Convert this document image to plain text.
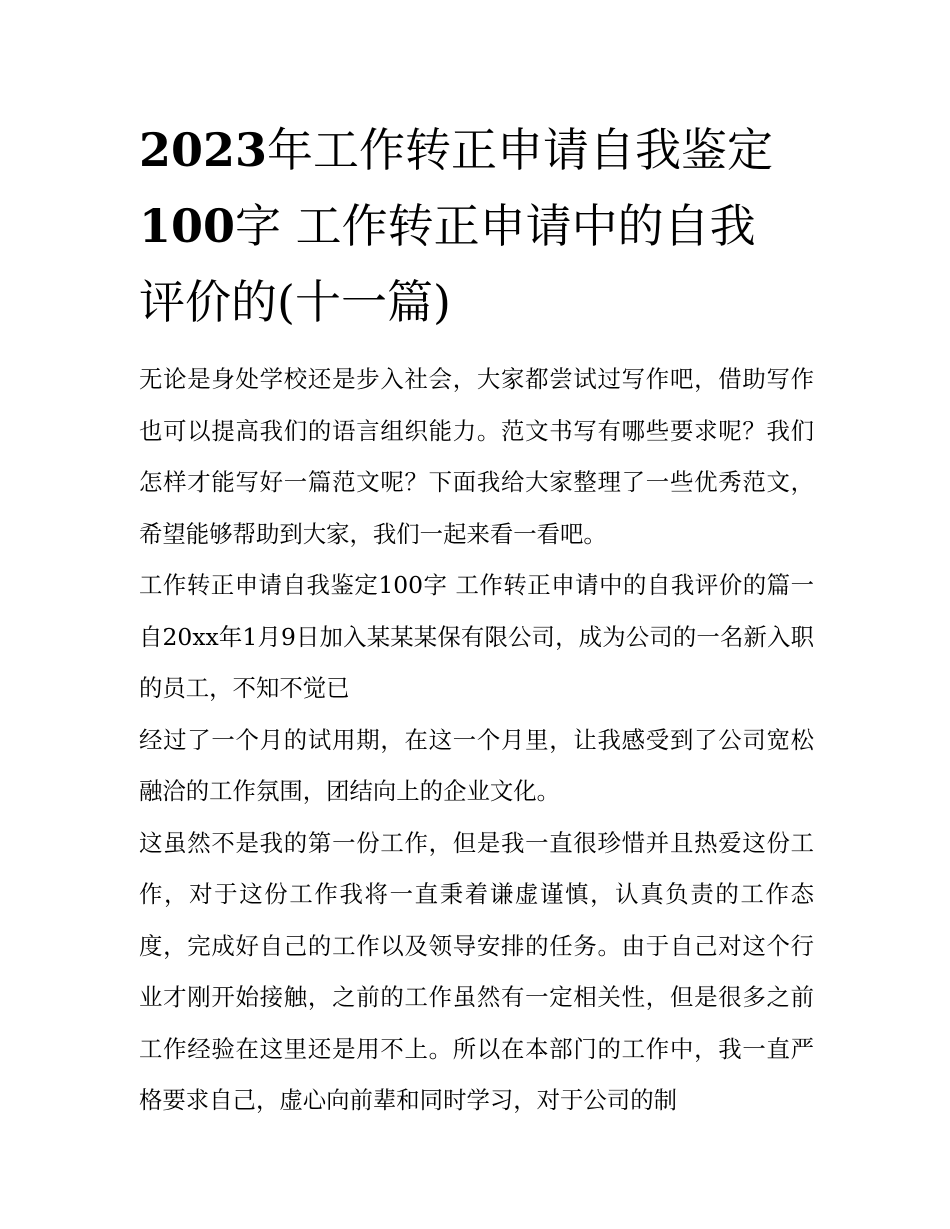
2023年工作转正申请自我鉴定
100字 工作转正申请中的自我
评价的(十一篇)

无论是身处学校还是步入社会，大家都尝试过写作吧，借助写作也可以提高我们的语言组织能力。范文书写有哪些要求呢？我们怎样才能写好一篇范文呢？下面我给大家整理了一些优秀范文，希望能够帮助到大家，我们一起来看一看吧。

工作转正申请自我鉴定100字 工作转正申请中的自我评价的篇一 自20xx年1月9日加入某某某保有限公司，成为公司的一名新入职的员工，不知不觉已

经过了一个月的试用期，在这一个月里，让我感受到了公司宽松融洽的工作氛围，团结向上的企业文化。

这虽然不是我的第一份工作，但是我一直很珍惜并且热爱这份工作，对于这份工作我将一直秉着谦虚谨慎，认真负责的工作态度，完成好自己的工作以及领导安排的任务。由于自己对这个行业才刚开始接触，之前的工作虽然有一定相关性，但是很多之前工作经验在这里还是用不上。所以在本部门的工作中，我一直严格要求自己，虚心向前辈和同时学习，对于公司的制
